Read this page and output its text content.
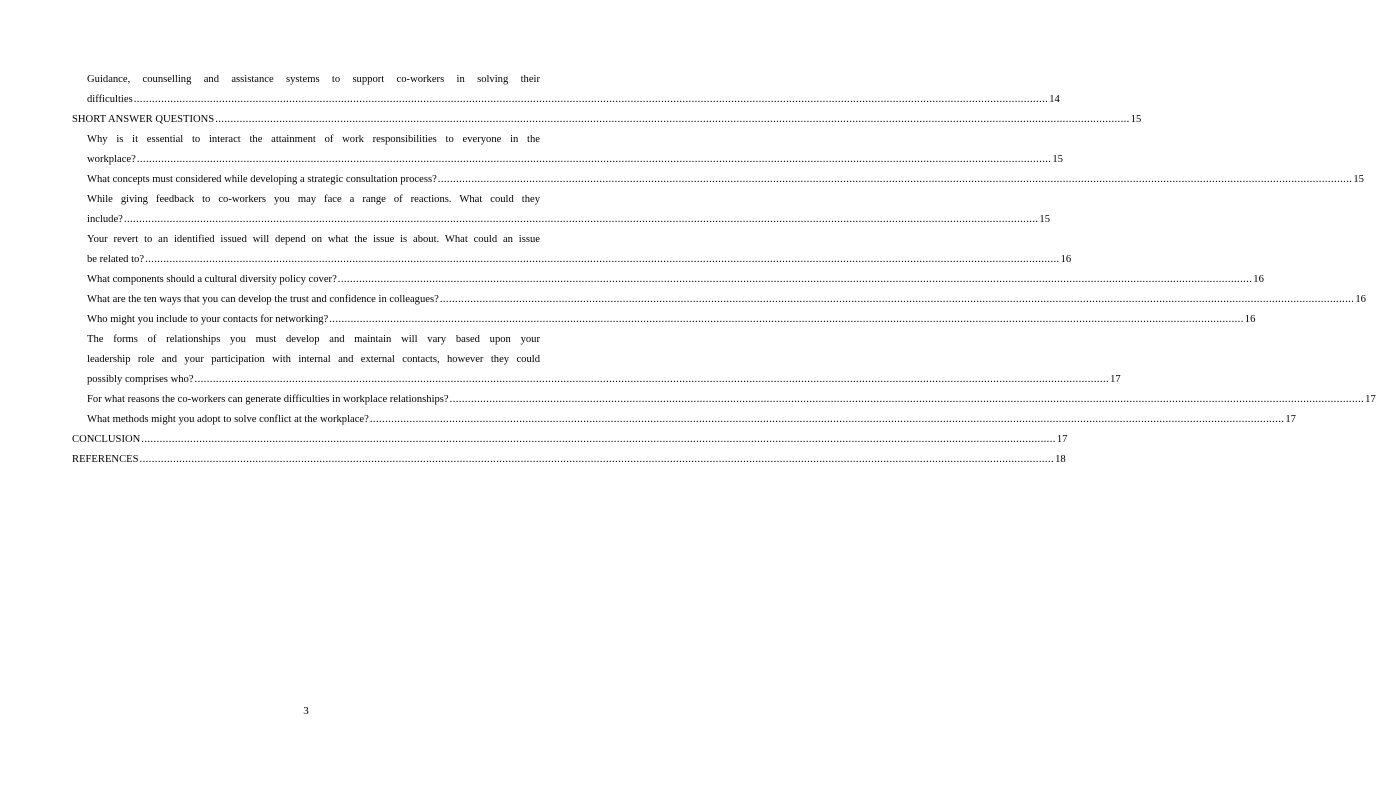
Guidance, counselling and assistance systems to support co-workers in solving their
difficulties ............................................................................................................................................................................................................................................................................................................ 14
SHORT ANSWER QUESTIONS ............................................................................................................................................................................................................................................................................................................ 15
Why is it essential to interact the attainment of work responsibilities to everyone in the
workplace? ............................................................................................................................................................................................................................................................................................................ 15
What concepts must considered while developing a strategic consultation process? ............................................................................................................................................................................................................................................................................................................ 15
While giving feedback to co-workers you may face a range of reactions. What could they
include? ............................................................................................................................................................................................................................................................................................................ 15
Your revert to an identified issued will depend on what the issue is about. What could an issue
be related to? ............................................................................................................................................................................................................................................................................................................ 16
What components should a cultural diversity policy cover? ............................................................................................................................................................................................................................................................................................................ 16
What are the ten ways that you can develop the trust and confidence in colleagues? ............................................................................................................................................................................................................................................................................................................ 16
Who might you include to your contacts for networking? ............................................................................................................................................................................................................................................................................................................ 16
The forms of relationships you must develop and maintain will vary based upon your
leadership role and your participation with internal and external contacts, however they could
possibly comprises who? ............................................................................................................................................................................................................................................................................................................ 17
For what reasons the co-workers can generate difficulties in workplace relationships? ............................................................................................................................................................................................................................................................................................................ 17
What methods might you adopt to solve conflict at the workplace? ............................................................................................................................................................................................................................................................................................................ 17
CONCLUSION ............................................................................................................................................................................................................................................................................................................ 17
REFERENCES ............................................................................................................................................................................................................................................................................................................ 18
3
